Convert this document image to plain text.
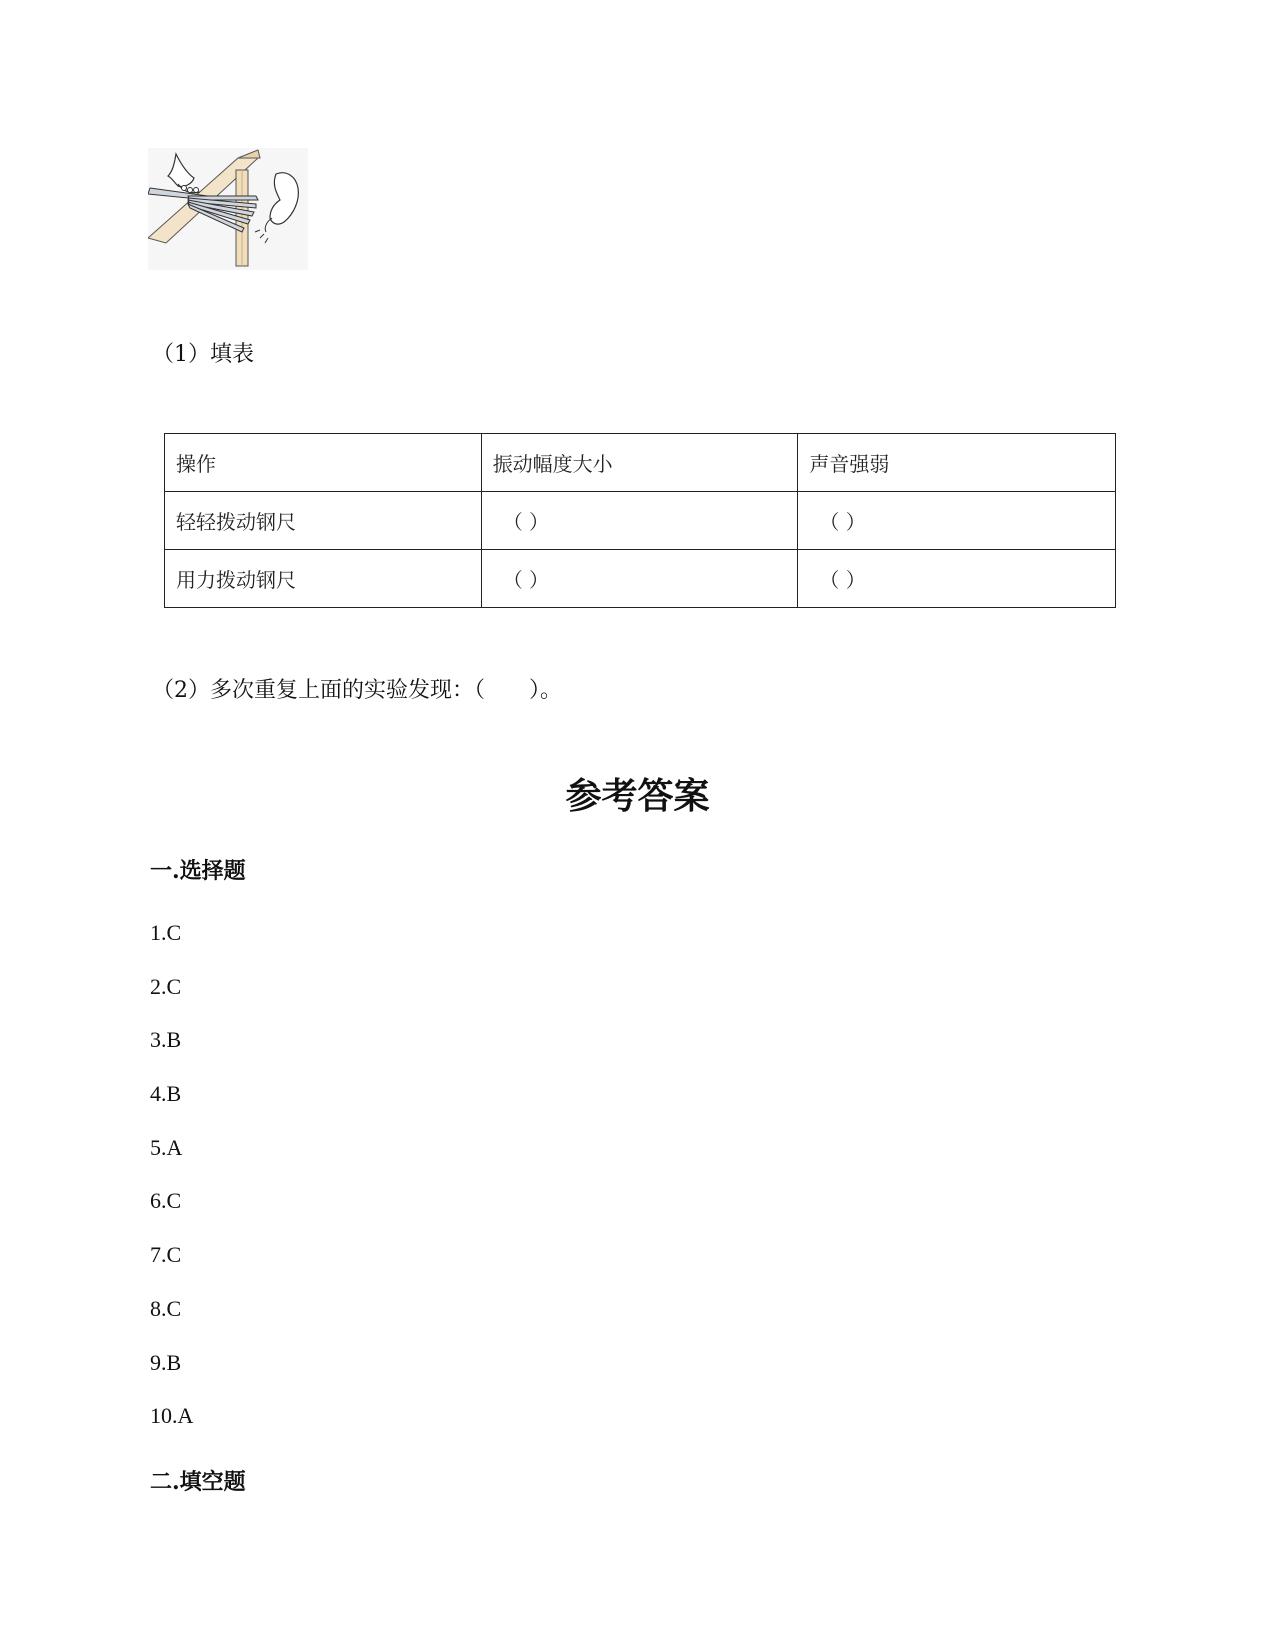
（1）填表
操作	振动幅度大小	声音强弱
轻轻拨动钢尺	（ ）	（ ）
用力拨动钢尺	（ ）	（ ）
（2）多次重复上面的实验发现：（　　）。
参考答案
一.选择题
1.C
2.C
3.B
4.B
5.A
6.C
7.C
8.C
9.B
10.A
二.填空题
